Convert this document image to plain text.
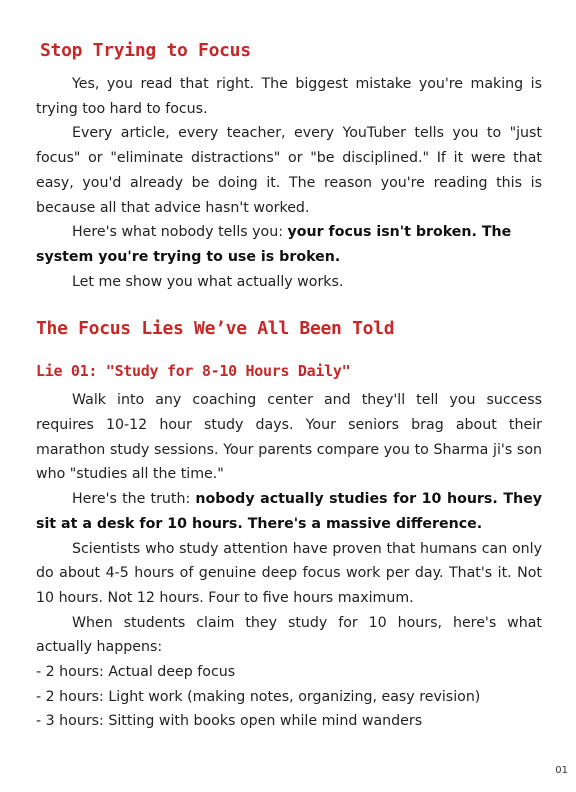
Stop Trying to Focus

Yes, you read that right. The biggest mistake you're making is trying too hard to focus.

Every article, every teacher, every YouTuber tells you to "just focus" or "eliminate distractions" or "be disciplined." If it were that easy, you'd already be doing it. The reason you're reading this is because all that advice hasn't worked.

Here's what nobody tells you: your focus isn't broken. The system you're trying to use is broken.

Let me show you what actually works.

The Focus Lies We’ve All Been Told
Lie 01: "Study for 8-10 Hours Daily"

Walk into any coaching center and they'll tell you success requires 10-12 hour study days. Your seniors brag about their marathon study sessions. Your parents compare you to Sharma ji's son who "studies all the time."

Here's the truth: nobody actually studies for 10 hours. They sit at a desk for 10 hours. There's a massive difference.

Scientists who study attention have proven that humans can only do about 4-5 hours of genuine deep focus work per day. That's it. Not 10 hours. Not 12 hours. Four to five hours maximum.

When students claim they study for 10 hours, here's what actually happens:

- 2 hours: Actual deep focus
- 2 hours: Light work (making notes, organizing, easy revision)
- 3 hours: Sitting with books open while mind wanders
01
